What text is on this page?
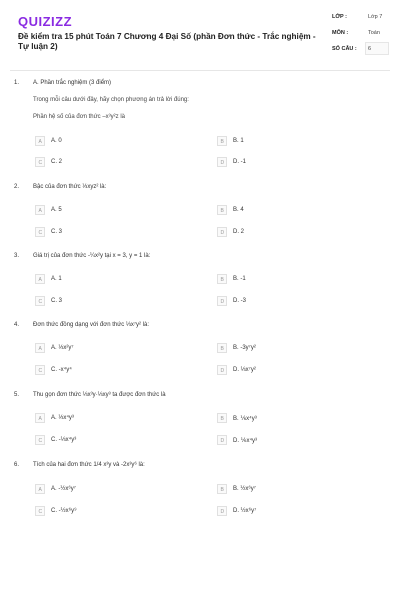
QUIZIZZ
Đề kiểm tra 15 phút Toán 7 Chương 4 Đại Số (phần Đơn thức - Trắc nghiệm - Tự luận 2)
LỚP :	Lớp 7
MÔN :	Toán
SỐ CÂU : 6
1. A. Phần trắc nghiệm (3 điểm)
Trong mỗi câu dưới đây, hãy chọn phương án trả lời đúng:
Phần hệ số của đơn thức –x³y²z là
A A. 0	B B. 1
C C. 2	D D. -1
2. Bậc của đơn thức ⅓xyz² là:
A A. 5	B B. 4
C C. 3	D D. 2
3. Giá trị của đơn thức -¼x²y tại x = 3, y = 1 là:
A A. 1	B B. -1
C C. 3	D D. -3
4. Đơn thức đồng dạng với đơn thức ⅓x⁷y² là:
A A. ⅓x²y⁷	B B. -3y⁷y²
C C. -x⁴y⁴	D D. ⅓x⁷y²
5. Thu gọn đơn thức ⅓x³y·⅓xy³ ta được đơn thức là
A A. ⅓x⁴y³	B B. ⅙x⁴y³
C C. -⅓x⁴y³	D D. ⅙x⁴y³
6. Tích của hai đơn thức 1/4 x³y và -2x³y⁶ là:
A A. -½x⁶y⁷	B B. ½x⁶y⁷
C C. -½x⁶y⁹	D D. ½x⁶y⁷
